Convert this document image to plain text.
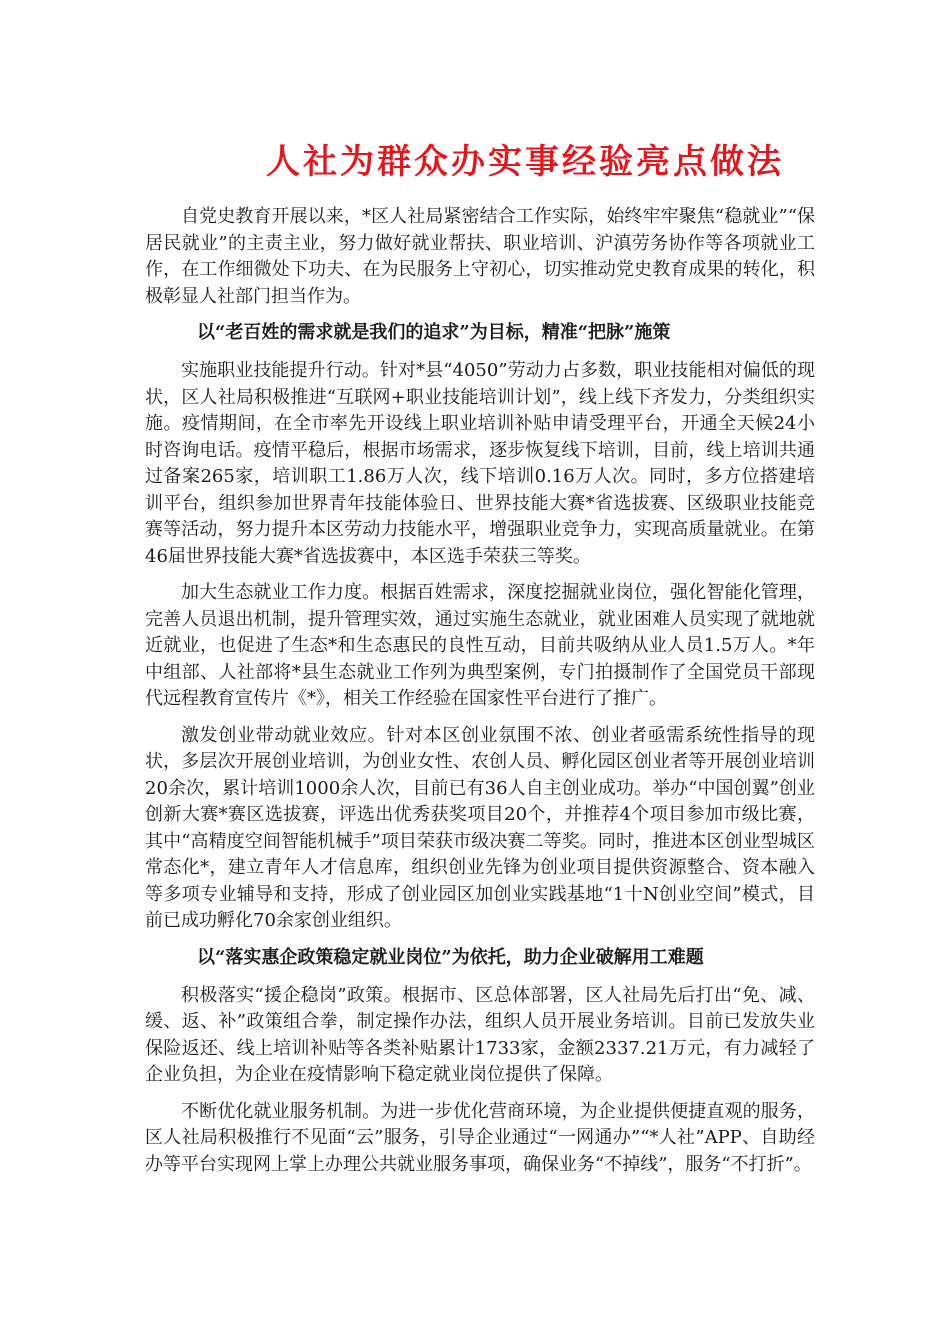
人社为群众办实事经验亮点做法

自党史教育开展以来，*区人社局紧密结合工作实际，始终牢牢聚焦“稳就业”“保居民就业”的主责主业，努力做好就业帮扶、职业培训、沪滇劳务协作等各项就业工作，在工作细微处下功夫、在为民服务上守初心，切实推动党史教育成果的转化，积极彰显人社部门担当作为。

以“老百姓的需求就是我们的追求”为目标，精准“把脉”施策

实施职业技能提升行动。针对*县“4050”劳动力占多数，职业技能相对偏低的现状，区人社局积极推进“互联网+职业技能培训计划”，线上线下齐发力，分类组织实施。疫情期间，在全市率先开设线上职业培训补贴申请受理平台，开通全天候24小时咨询电话。疫情平稳后，根据市场需求，逐步恢复线下培训，目前，线上培训共通过备案265家，培训职工1.86万人次，线下培训0.16万人次。同时，多方位搭建培训平台，组织参加世界青年技能体验日、世界技能大赛*省选拔赛、区级职业技能竞赛等活动，努力提升本区劳动力技能水平，增强职业竞争力，实现高质量就业。在第46届世界技能大赛*省选拔赛中，本区选手荣获三等奖。

加大生态就业工作力度。根据百姓需求，深度挖掘就业岗位，强化智能化管理，完善人员退出机制，提升管理实效，通过实施生态就业，就业困难人员实现了就地就近就业，也促进了生态*和生态惠民的良性互动，目前共吸纳从业人员1.5万人。*年中组部、人社部将*县生态就业工作列为典型案例，专门拍摄制作了全国党员干部现代远程教育宣传片《*》，相关工作经验在国家性平台进行了推广。

激发创业带动就业效应。针对本区创业氛围不浓、创业者亟需系统性指导的现状，多层次开展创业培训，为创业女性、农创人员、孵化园区创业者等开展创业培训20余次，累计培训1000余人次，目前已有36人自主创业成功。举办“中国创翼”创业创新大赛*赛区选拔赛，评选出优秀获奖项目20个，并推荐4个项目参加市级比赛，其中“高精度空间智能机械手”项目荣获市级决赛二等奖。同时，推进本区创业型城区常态化*，建立青年人才信息库，组织创业先锋为创业项目提供资源整合、资本融入等多项专业辅导和支持，形成了创业园区加创业实践基地“1十N创业空间”模式，目前已成功孵化70余家创业组织。

以“落实惠企政策稳定就业岗位”为依托，助力企业破解用工难题

积极落实“援企稳岗”政策。根据市、区总体部署，区人社局先后打出“免、减、缓、返、补”政策组合拳，制定操作办法，组织人员开展业务培训。目前已发放失业保险返还、线上培训补贴等各类补贴累计1733家，金额2337.21万元，有力减轻了企业负担，为企业在疫情影响下稳定就业岗位提供了保障。

不断优化就业服务机制。为进一步优化营商环境，为企业提供便捷直观的服务，区人社局积极推行不见面“云”服务，引导企业通过“一网通办”“*人社”APP、自助经办等平台实现网上掌上办理公共就业服务事项，确保业务“不掉线”，服务“不打折”。
